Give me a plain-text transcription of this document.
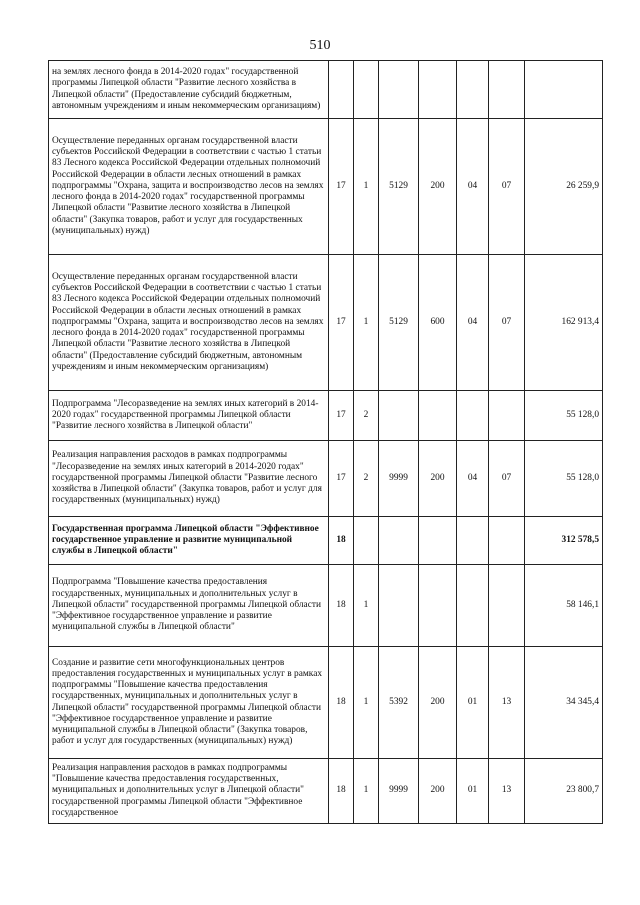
510
на землях лесного фонда в 2014-2020 годах" государственной программы Липецкой области "Развитие лесного хозяйства в Липецкой области" (Предоставление субсидий бюджетным, автономным учреждениям и иным некоммерческим организациям)							
Осуществление переданных органам государственной власти субъектов Российской Федерации в соответствии с частью 1 статьи 83 Лесного кодекса Российской Федерации отдельных полномочий Российской Федерации в области лесных отношений в рамках подпрограммы "Охрана, защита и воспроизводство лесов на землях лесного фонда в 2014-2020 годах" государственной программы Липецкой области "Развитие лесного хозяйства в Липецкой области" (Закупка товаров, работ и услуг для государственных (муниципальных) нужд)	17	1	5129	200	04	07	26 259,9
Осуществление переданных органам государственной власти субъектов Российской Федерации в соответствии с частью 1 статьи 83 Лесного кодекса Российской Федерации отдельных полномочий Российской Федерации в области лесных отношений в рамках подпрограммы "Охрана, защита и воспроизводство лесов на землях лесного фонда в 2014-2020 годах" государственной программы Липецкой области "Развитие лесного хозяйства в Липецкой области" (Предоставление субсидий бюджетным, автономным учреждениям и иным некоммерческим организациям)	17	1	5129	600	04	07	162 913,4
Подпрограмма "Лесоразведение на землях иных категорий в 2014-2020 годах" государственной программы Липецкой области "Развитие лесного хозяйства в Липецкой области"	17	2					55 128,0
Реализация направления расходов в рамках подпрограммы "Лесоразведение на землях иных категорий в 2014-2020 годах" государственной программы Липецкой области "Развитие лесного хозяйства в Липецкой области" (Закупка товаров, работ и услуг для государственных (муниципальных) нужд)	17	2	9999	200	04	07	55 128,0
Государственная программа Липецкой области "Эффективное государственное управление и развитие муниципальной службы в Липецкой области"	18						312 578,5
Подпрограмма "Повышение качества предоставления государственных, муниципальных и дополнительных услуг в Липецкой области" государственной программы Липецкой области "Эффективное государственное управление и развитие муниципальной службы в Липецкой области"	18	1					58 146,1
Создание и развитие сети многофункциональных центров предоставления государственных и муниципальных услуг в рамках подпрограммы "Повышение качества предоставления государственных, муниципальных и дополнительных услуг в Липецкой области" государственной программы Липецкой области "Эффективное государственное управление и развитие муниципальной службы в Липецкой области" (Закупка товаров, работ и услуг для государственных (муниципальных) нужд)	18	1	5392	200	01	13	34 345,4
Реализация направления расходов в рамках подпрограммы "Повышение качества предоставления государственных, муниципальных и дополнительных услуг в Липецкой области" государственной программы Липецкой области "Эффективное государственное	18	1	9999	200	01	13	23 800,7
